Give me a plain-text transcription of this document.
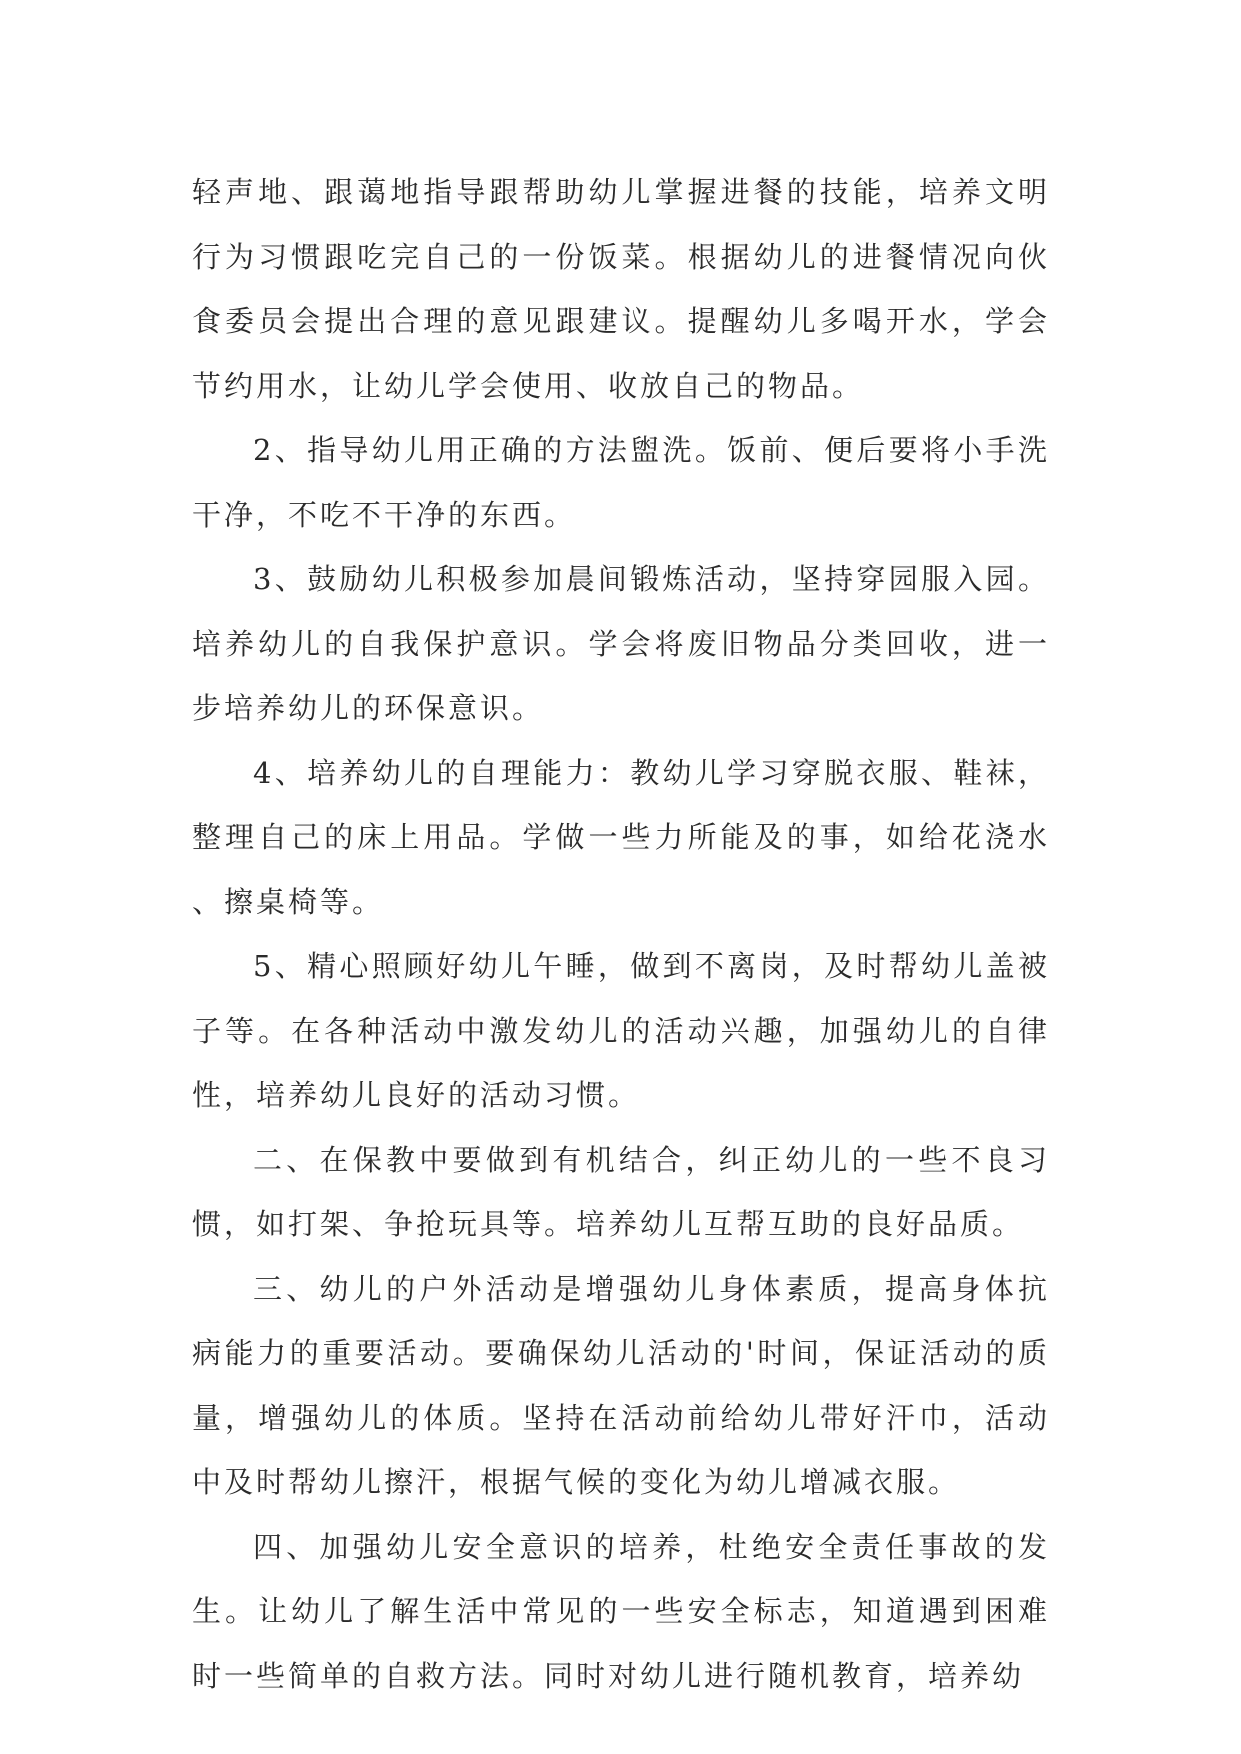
轻声地、跟蔼地指导跟帮助幼儿掌握进餐的技能，培养文明行为习惯跟吃完自己的一份饭菜。根据幼儿的进餐情况向伙食委员会提出合理的意见跟建议。提醒幼儿多喝开水，学会节约用水，让幼儿学会使用、收放自己的物品。

2、指导幼儿用正确的方法盥洗。饭前、便后要将小手洗干净，不吃不干净的东西。

3、鼓励幼儿积极参加晨间锻炼活动，坚持穿园服入园。培养幼儿的自我保护意识。学会将废旧物品分类回收，进一步培养幼儿的环保意识。

4、培养幼儿的自理能力：教幼儿学习穿脱衣服、鞋袜，整理自己的床上用品。学做一些力所能及的事，如给花浇水、擦桌椅等。

5、精心照顾好幼儿午睡，做到不离岗，及时帮幼儿盖被子等。在各种活动中激发幼儿的活动兴趣，加强幼儿的自律性，培养幼儿良好的活动习惯。

二、在保教中要做到有机结合，纠正幼儿的一些不良习惯，如打架、争抢玩具等。培养幼儿互帮互助的良好品质。

三、幼儿的户外活动是增强幼儿身体素质，提高身体抗病能力的重要活动。要确保幼儿活动的'时间，保证活动的质量，增强幼儿的体质。坚持在活动前给幼儿带好汗巾，活动中及时帮幼儿擦汗，根据气候的变化为幼儿增减衣服。

四、加强幼儿安全意识的培养，杜绝安全责任事故的发生。让幼儿了解生活中常见的一些安全标志，知道遇到困难时一些简单的自救方法。同时对幼儿进行随机教育，培养幼
